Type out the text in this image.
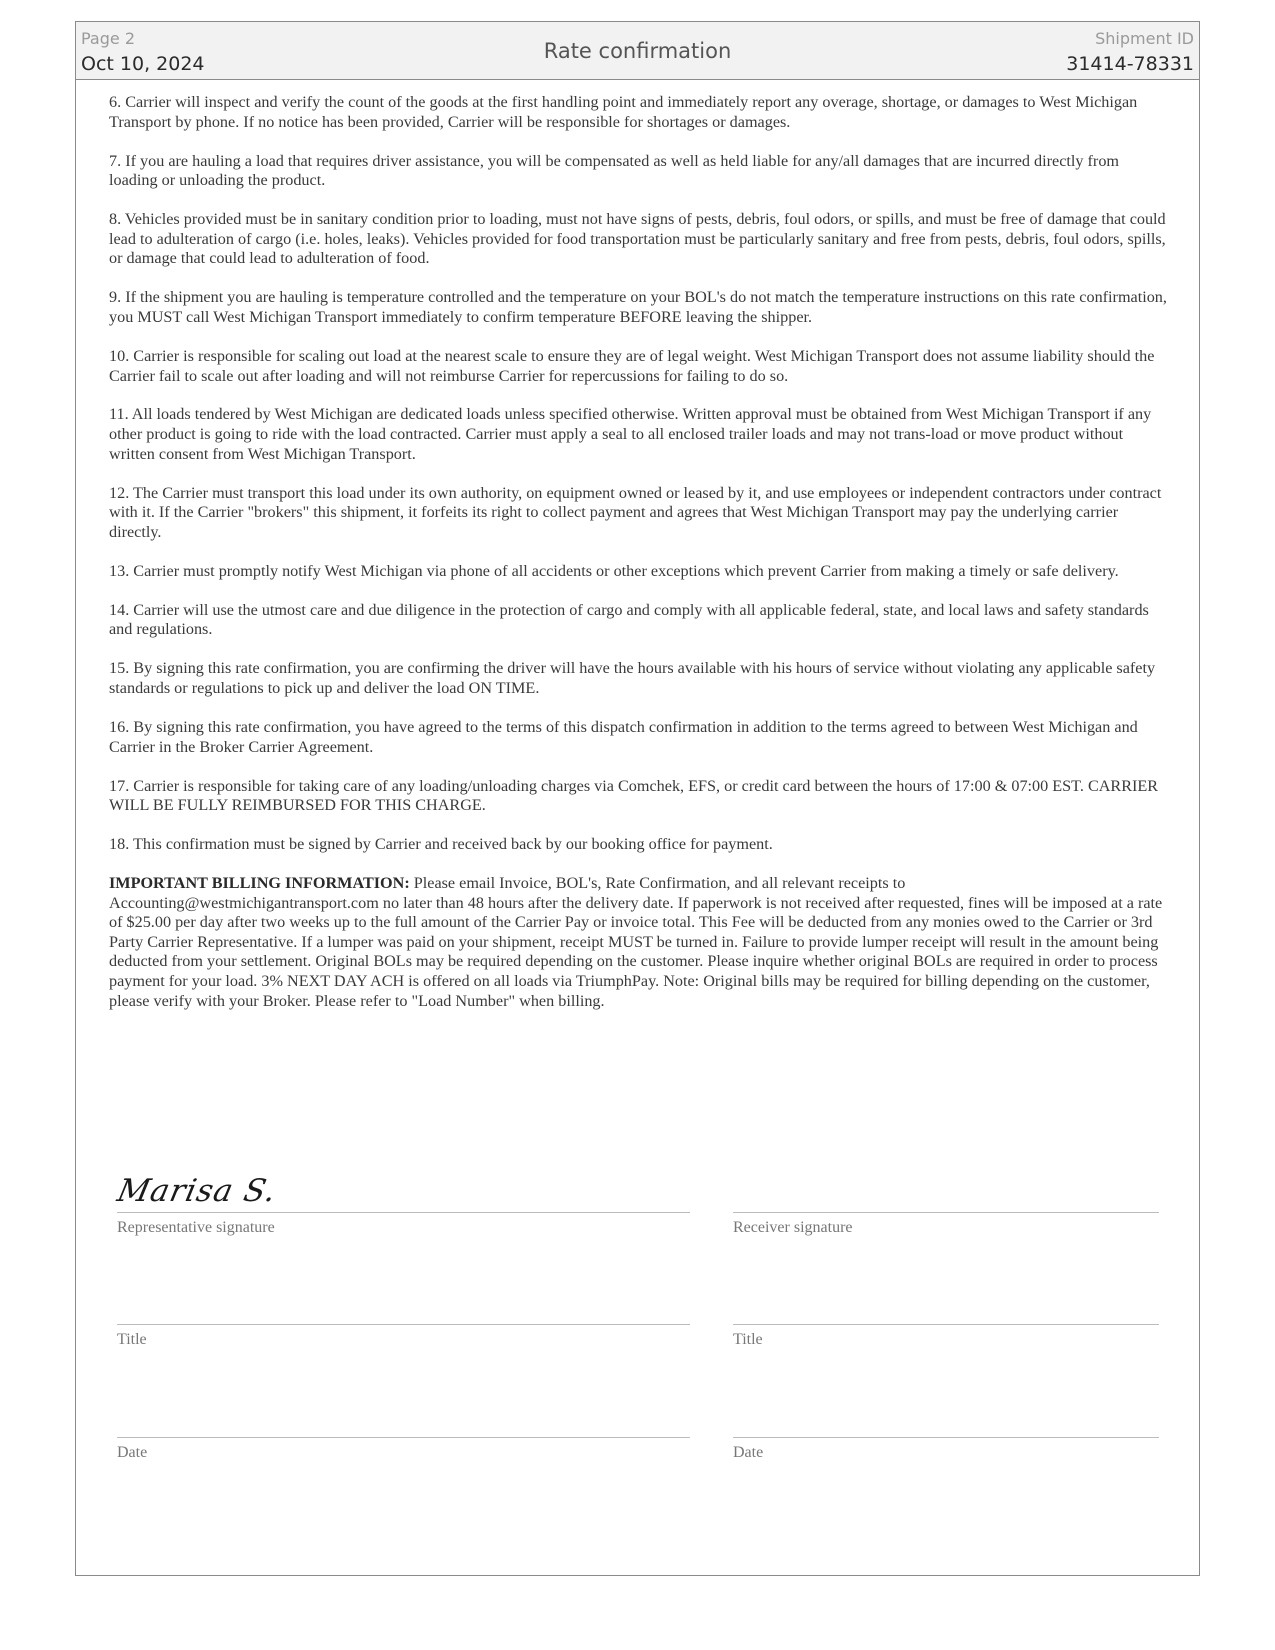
Page 2
Oct 10, 2024
Rate confirmation
Shipment ID
31414-78331

6. Carrier will inspect and verify the count of the goods at the first handling point and immediately report any overage, shortage, or damages to West Michigan Transport by phone. If no notice has been provided, Carrier will be responsible for shortages or damages.

7. If you are hauling a load that requires driver assistance, you will be compensated as well as held liable for any/all damages that are incurred directly from loading or unloading the product.

8. Vehicles provided must be in sanitary condition prior to loading, must not have signs of pests, debris, foul odors, or spills, and must be free of damage that could lead to adulteration of cargo (i.e. holes, leaks). Vehicles provided for food transportation must be particularly sanitary and free from pests, debris, foul odors, spills, or damage that could lead to adulteration of food.

9. If the shipment you are hauling is temperature controlled and the temperature on your BOL's do not match the temperature instructions on this rate confirmation, you MUST call West Michigan Transport immediately to confirm temperature BEFORE leaving the shipper.

10. Carrier is responsible for scaling out load at the nearest scale to ensure they are of legal weight. West Michigan Transport does not assume liability should the Carrier fail to scale out after loading and will not reimburse Carrier for repercussions for failing to do so.

11. All loads tendered by West Michigan are dedicated loads unless specified otherwise. Written approval must be obtained from West Michigan Transport if any other product is going to ride with the load contracted. Carrier must apply a seal to all enclosed trailer loads and may not trans-load or move product without written consent from West Michigan Transport.

12. The Carrier must transport this load under its own authority, on equipment owned or leased by it, and use employees or independent contractors under contract with it. If the Carrier "brokers" this shipment, it forfeits its right to collect payment and agrees that West Michigan Transport may pay the underlying carrier directly.

13. Carrier must promptly notify West Michigan via phone of all accidents or other exceptions which prevent Carrier from making a timely or safe delivery.

14. Carrier will use the utmost care and due diligence in the protection of cargo and comply with all applicable federal, state, and local laws and safety standards and regulations.

15. By signing this rate confirmation, you are confirming the driver will have the hours available with his hours of service without violating any applicable safety standards or regulations to pick up and deliver the load ON TIME.

16. By signing this rate confirmation, you have agreed to the terms of this dispatch confirmation in addition to the terms agreed to between West Michigan and Carrier in the Broker Carrier Agreement.

17. Carrier is responsible for taking care of any loading/unloading charges via Comchek, EFS, or credit card between the hours of 17:00 & 07:00 EST. CARRIER WILL BE FULLY REIMBURSED FOR THIS CHARGE.

18. This confirmation must be signed by Carrier and received back by our booking office for payment.

IMPORTANT BILLING INFORMATION: Please email Invoice, BOL's, Rate Confirmation, and all relevant receipts to Accounting@westmichigantransport.com no later than 48 hours after the delivery date. If paperwork is not received after requested, fines will be imposed at a rate of $25.00 per day after two weeks up to the full amount of the Carrier Pay or invoice total. This Fee will be deducted from any monies owed to the Carrier or 3rd Party Carrier Representative. If a lumper was paid on your shipment, receipt MUST be turned in. Failure to provide lumper receipt will result in the amount being deducted from your settlement. Original BOLs may be required depending on the customer. Please inquire whether original BOLs are required in order to process payment for your load. 3% NEXT DAY ACH is offered on all loads via TriumphPay. Note: Original bills may be required for billing depending on the customer, please verify with your Broker. Please refer to "Load Number" when billing.

Marisa S.
Representative signature
Title
Date
Receiver signature
Title
Date
